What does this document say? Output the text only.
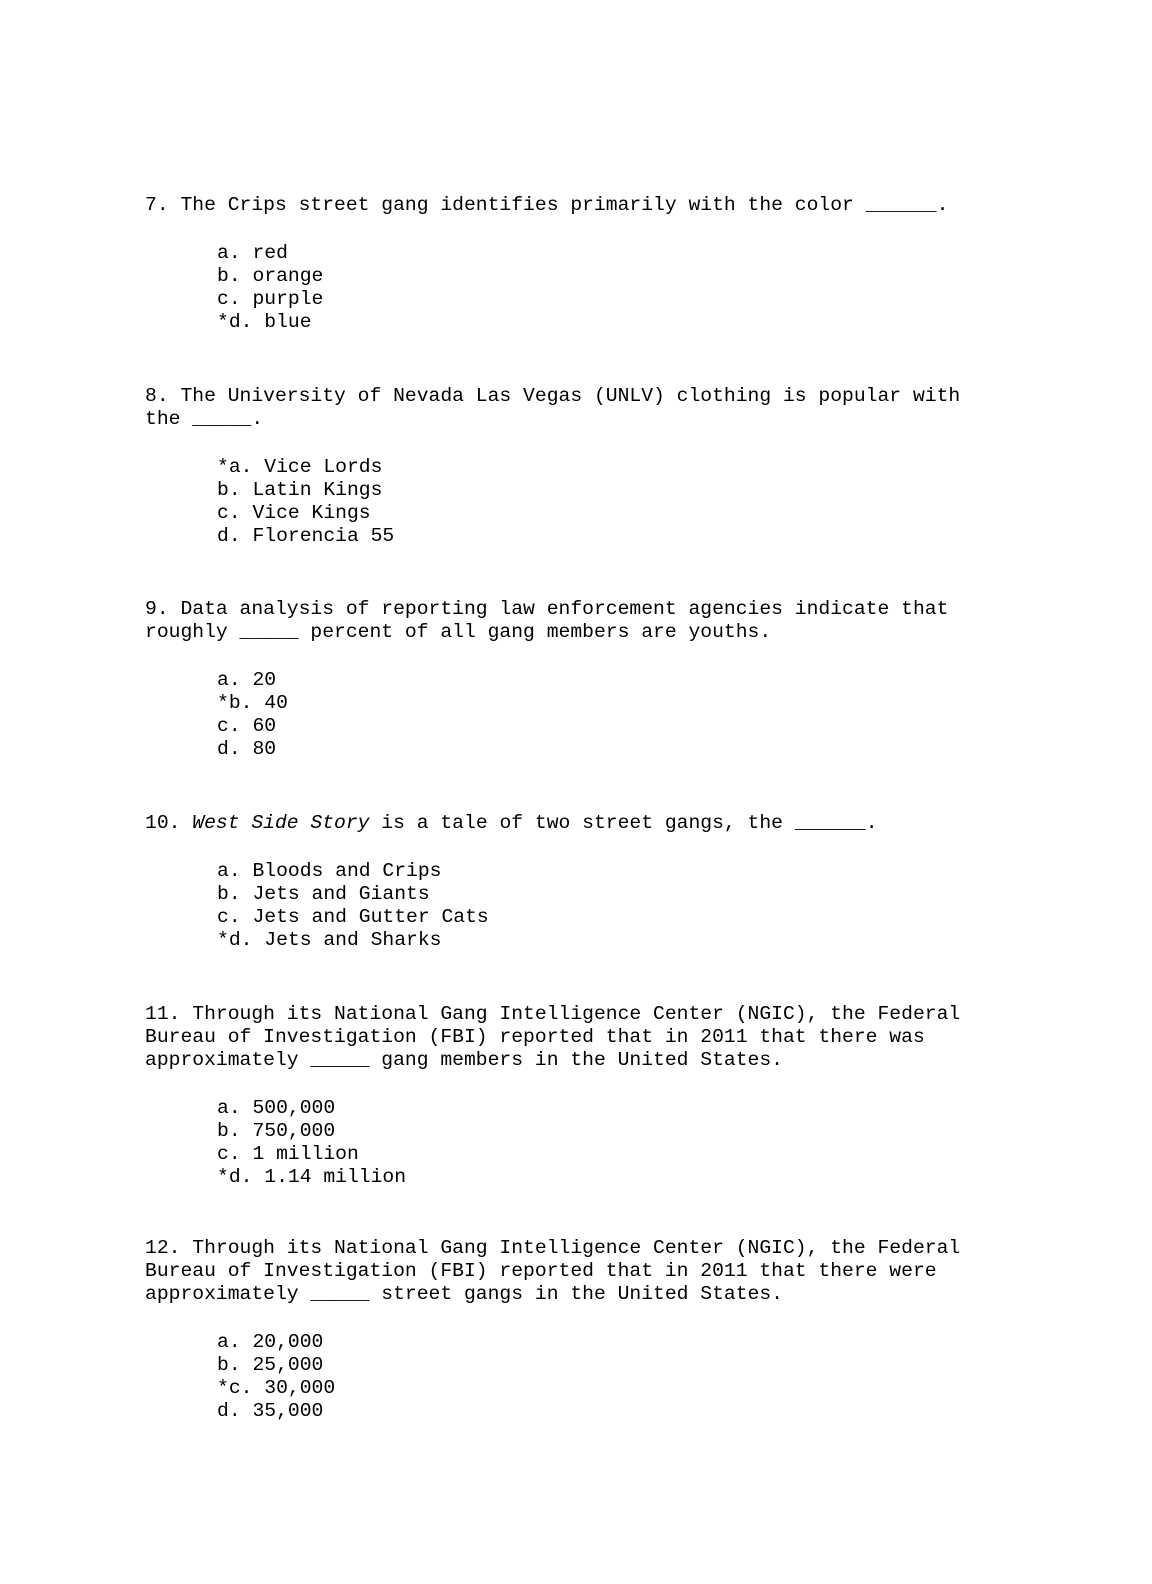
7. The Crips street gang identifies primarily with the color ______.

a. red
b. orange
c. purple
*d. blue

8. The University of Nevada Las Vegas (UNLV) clothing is popular with
the _____.

*a. Vice Lords
b. Latin Kings
c. Vice Kings
d. Florencia 55

9. Data analysis of reporting law enforcement agencies indicate that
roughly _____ percent of all gang members are youths.

a. 20
*b. 40
c. 60
d. 80

10. West Side Story is a tale of two street gangs, the ______.

a. Bloods and Crips
b. Jets and Giants
c. Jets and Gutter Cats
*d. Jets and Sharks

11. Through its National Gang Intelligence Center (NGIC), the Federal
Bureau of Investigation (FBI) reported that in 2011 that there was
approximately _____ gang members in the United States.

a. 500,000
b. 750,000
c. 1 million
*d. 1.14 million

12. Through its National Gang Intelligence Center (NGIC), the Federal
Bureau of Investigation (FBI) reported that in 2011 that there were
approximately _____ street gangs in the United States.

a. 20,000
b. 25,000
*c. 30,000
d. 35,000
